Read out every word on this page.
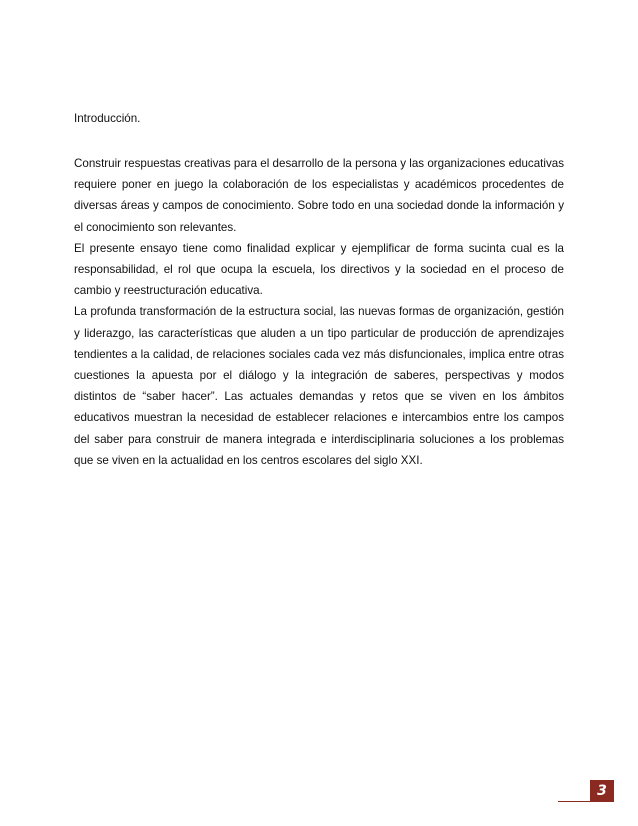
Introducción.

Construir respuestas creativas para el desarrollo de la persona y las organizaciones educativas requiere poner en juego la colaboración de los especialistas y académicos procedentes de diversas áreas y campos de conocimiento. Sobre todo en una sociedad donde la información y el conocimiento son relevantes.

El presente ensayo tiene como finalidad explicar y ejemplificar de forma sucinta cual es la responsabilidad, el rol que ocupa la escuela, los directivos y la sociedad en el proceso de cambio y reestructuración educativa.

La profunda transformación de la estructura social, las nuevas formas de organización, gestión y liderazgo, las características que aluden a un tipo particular de producción de aprendizajes tendientes a la calidad, de relaciones sociales cada vez más disfuncionales, implica entre otras cuestiones la apuesta por el diálogo y la integración de saberes, perspectivas y modos distintos de “saber hacer”. Las actuales demandas y retos que se viven en los ámbitos educativos muestran la necesidad de establecer relaciones e intercambios entre los campos del saber para construir de manera integrada e interdisciplinaria soluciones a los problemas que se viven en la actualidad en los centros escolares del siglo XXI.

3
